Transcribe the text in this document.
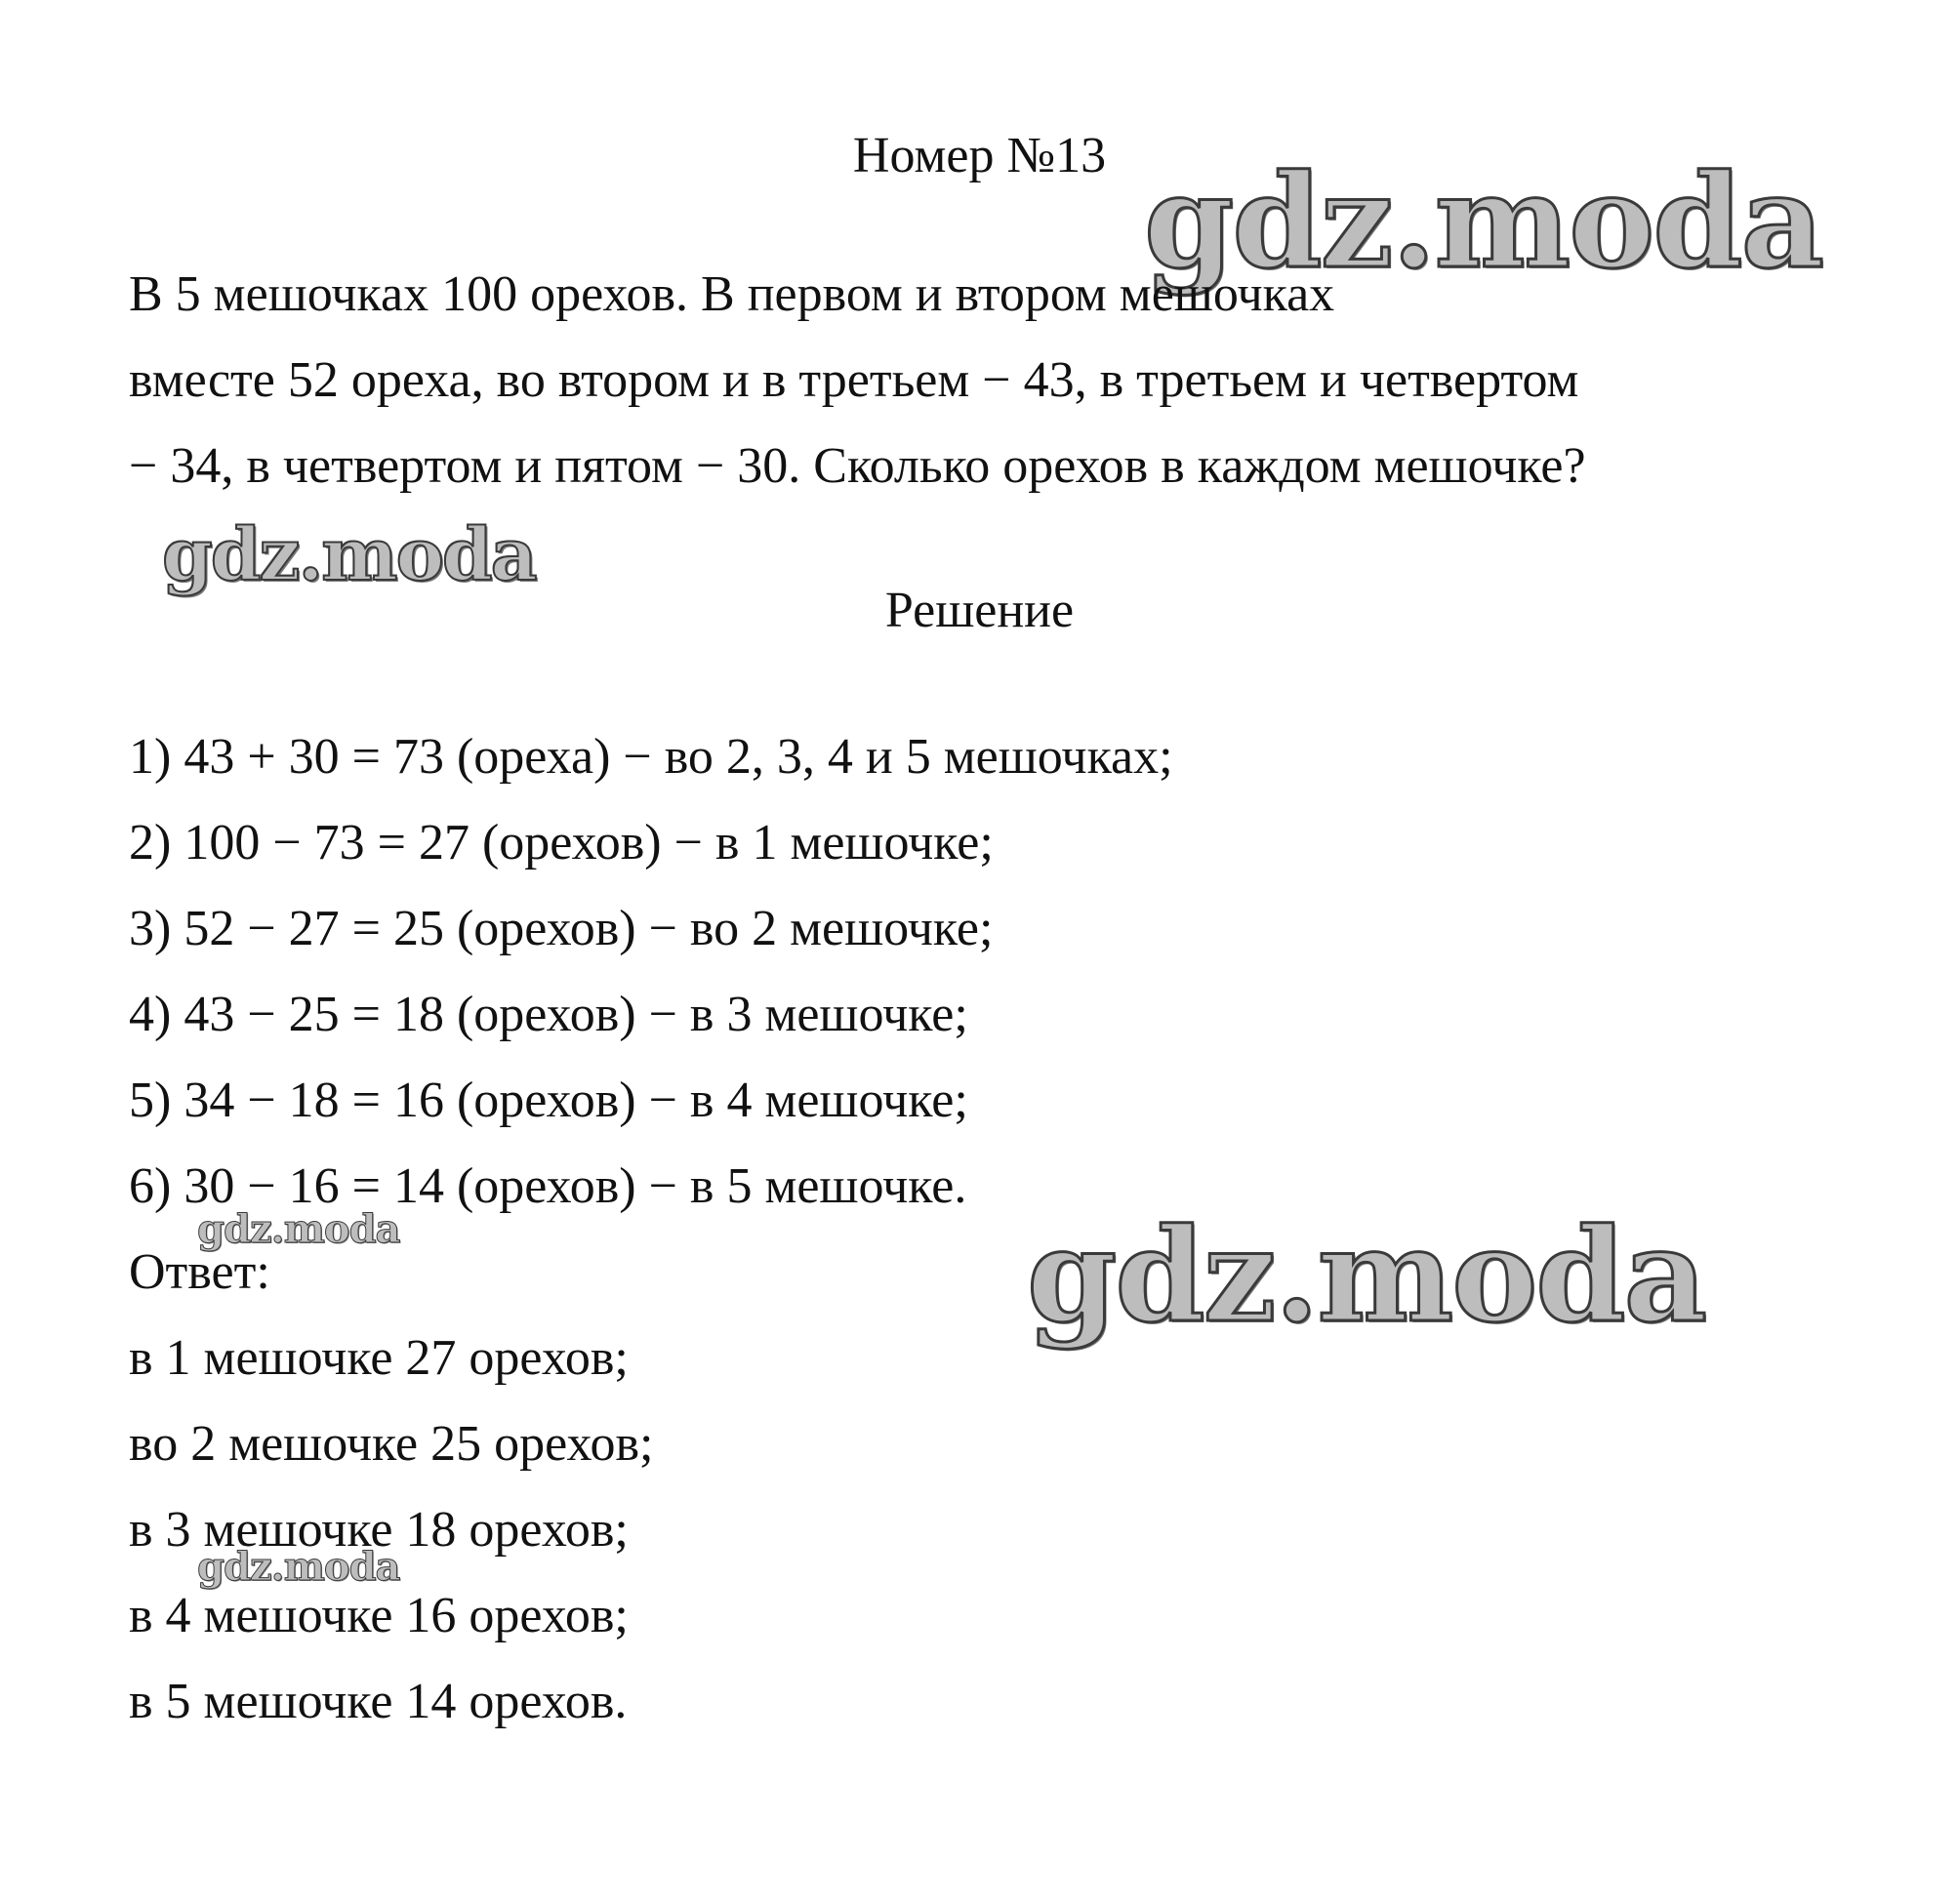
gdz.moda
gdz.moda
gdz.moda	gdz.moda
gdz.moda

Номер №13

В 5 мешочках 100 орехов. В первом и втором мешочках

вместе 52 ореха, во втором и в третьем − 43, в третьем и четвертом

− 34, в четвертом и пятом − 30. Сколько орехов в каждом мешочке?

Решение

1) 43 + 30 = 73 (ореха) − во 2, 3, 4 и 5 мешочках;

2) 100 − 73 = 27 (орехов) − в 1 мешочке;

3) 52 − 27 = 25 (орехов) − во 2 мешочке;

4) 43 − 25 = 18 (орехов) − в 3 мешочке;

5) 34 − 18 = 16 (орехов) − в 4 мешочке;

6) 30 − 16 = 14 (орехов) − в 5 мешочке.

Ответ:

в 1 мешочке 27 орехов;

во 2 мешочке 25 орехов;

в 3 мешочке 18 орехов;

в 4 мешочке 16 орехов;

в 5 мешочке 14 орехов.
